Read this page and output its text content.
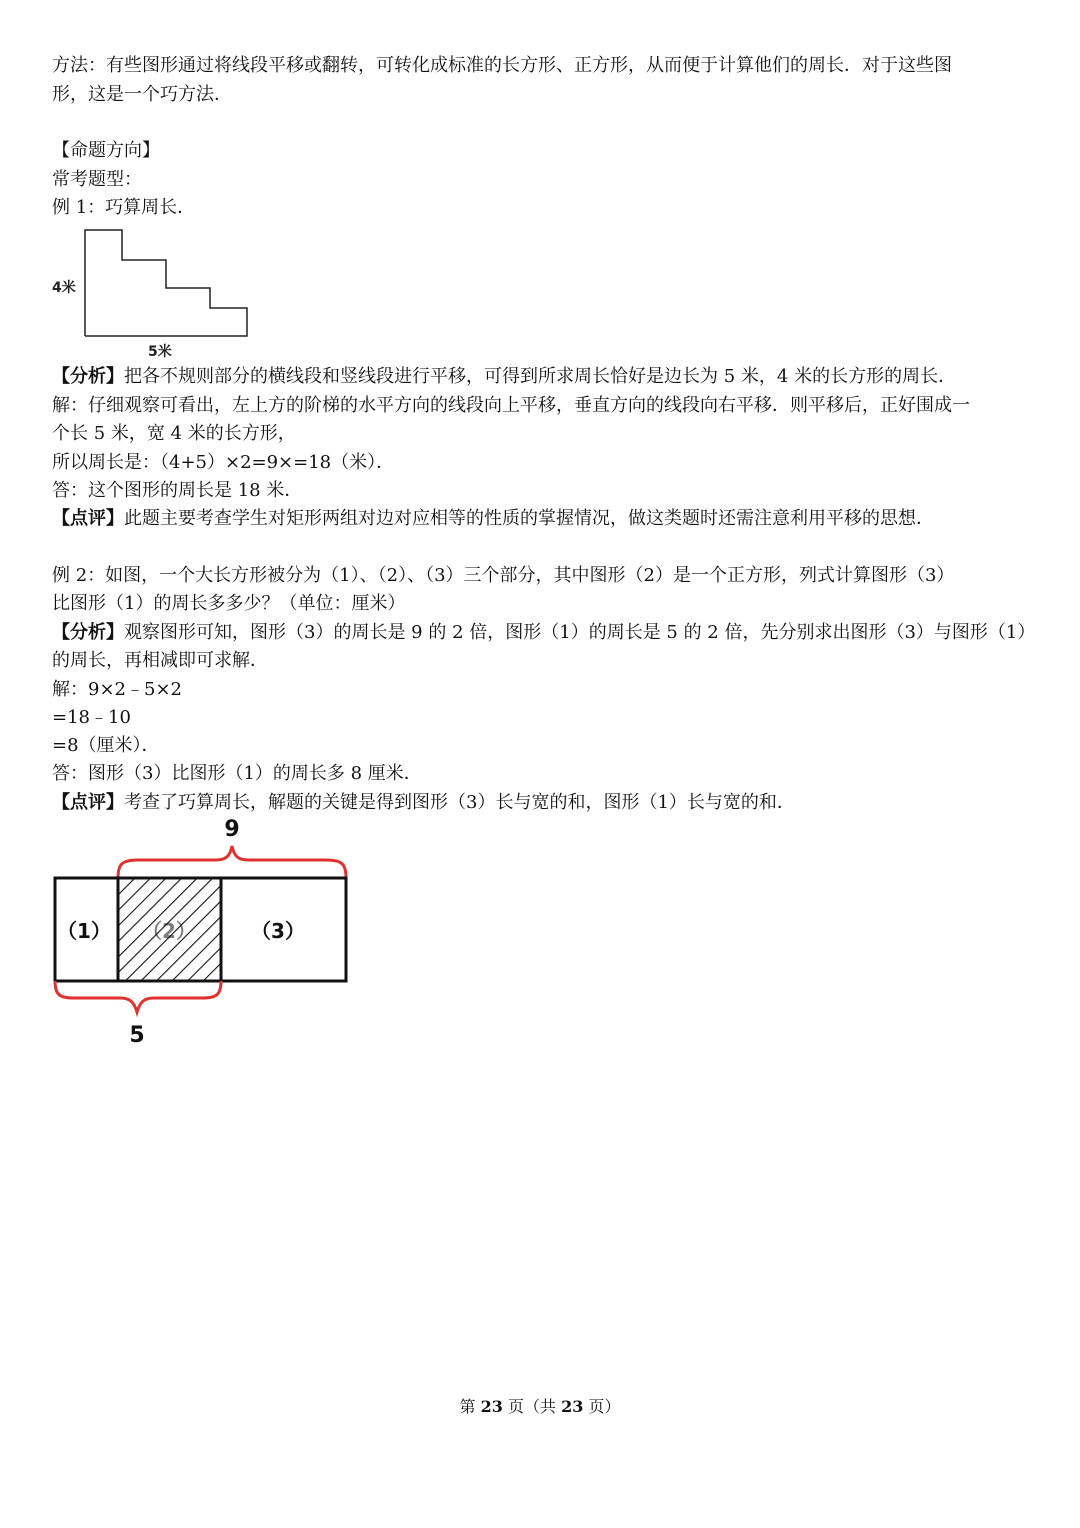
方法：有些图形通过将线段平移或翻转，可转化成标准的长方形、正方形，从而便于计算他们的周长．对于这些图
形，这是一个巧方法．
【命题方向】
常考题型：
例 1：巧算周长．
4米
5米
【分析】把各不规则部分的横线段和竖线段进行平移，可得到所求周长恰好是边长为 5 米，4 米的长方形的周长．
解：仔细观察可看出，左上方的阶梯的水平方向的线段向上平移，垂直方向的线段向右平移．则平移后，正好围成一
个长 5 米，宽 4 米的长方形，
所以周长是：（4+5）×2=9×=18（米）．
答：这个图形的周长是 18 米．
【点评】此题主要考查学生对矩形两组对边对应相等的性质的掌握情况，做这类题时还需注意利用平移的思想．
例 2：如图，一个大长方形被分为（1）、（2）、（3）三个部分，其中图形（2）是一个正方形，列式计算图形（3）
比图形（1）的周长多多少？（单位：厘米）
【分析】观察图形可知，图形（3）的周长是 9 的 2 倍，图形（1）的周长是 5 的 2 倍，先分别求出图形（3）与图形（1）
的周长，再相减即可求解．
解：9×2﹣5×2
=18﹣10
=8（厘米）．
答：图形（3）比图形（1）的周长多 8 厘米．
【点评】考查了巧算周长，解题的关键是得到图形（3）长与宽的和，图形（1）长与宽的和．
9
（1） （2）	（3）
5
第 23 页（共 23 页）
